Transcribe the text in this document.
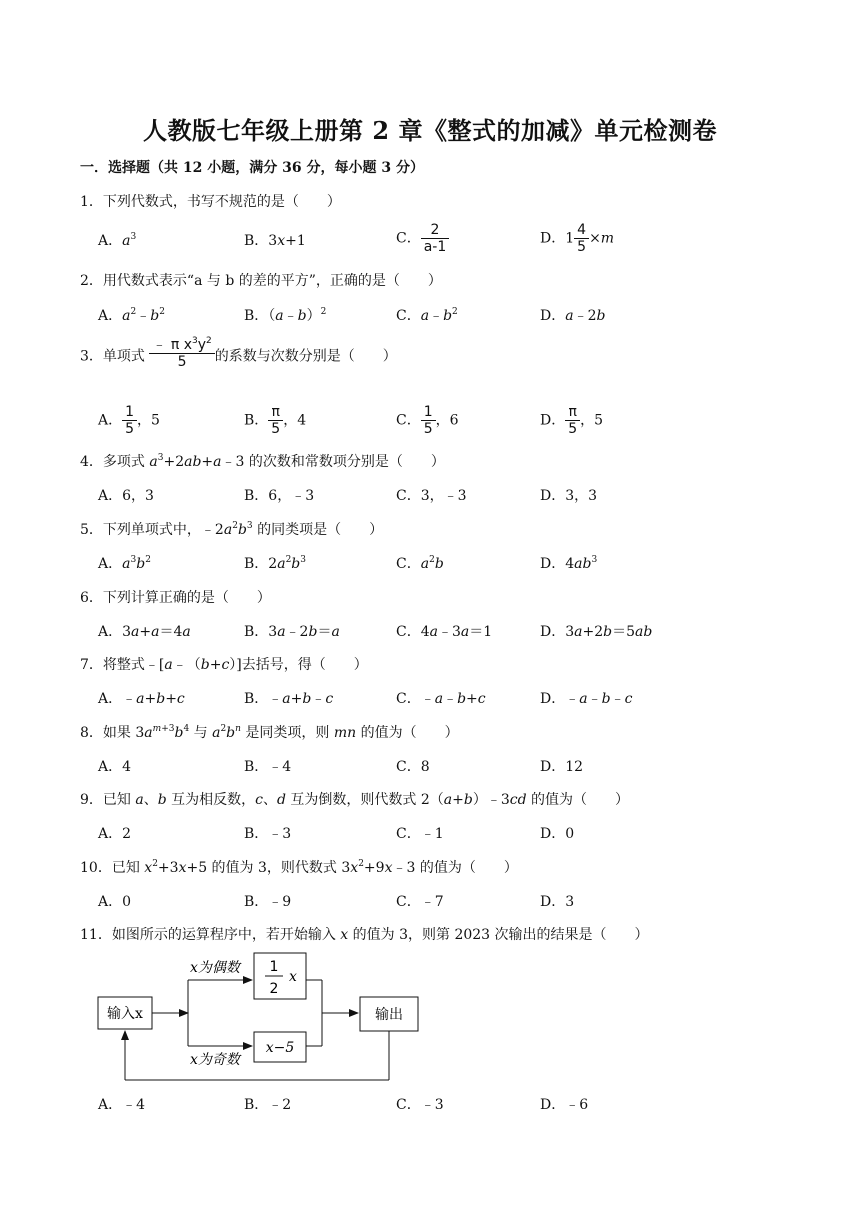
人教版七年级上册第 2 章《整式的加减》单元检测卷
一．选择题（共 12 小题，满分 36 分，每小题 3 分）
1．下列代数式，书写不规范的是（　　）
A．$a^3$	B．3x+1	C． $\frac{2}{a-1}$	D．$1 \frac{4}{5} \times m$
2．用代数式表示“a 与 b 的差的平方”，正确的是（　　）
A．$a^2﹣b^2$	B．（a﹣b）$^2$	C．$a﹣b^2$	D．a﹣2b
3．单项式 $\frac{﹣ \pi x^3y^2}{5}$ 的系数与次数分别是（　　）
A． $\frac{1}{5}$ ，5	B． $\frac{\pi}{5}$ ，4	C． $\frac{1}{5}$ ，6	D． $\frac{\pi}{5}$ ，5
4．多项式 $a^3+2ab+a﹣3$ 的次数和常数项分别是（　　）
A．6，3	B．6，﹣3	C．3，﹣3	D．3，3
5．下列单项式中，$﹣2a^2b^3$ 的同类项是（　　）
A．$a^3b^2$	B．$2a^2b^3$	C．$a^2b$	D．$4ab^3$
6．下列计算正确的是（　　）
A．3a+a＝4a	B．3a﹣2b＝a	C．4a﹣3a＝1	D．3a+2b＝5ab
7．将整式﹣[a﹣（b+c）]去括号，得（　　）
A．﹣a+b+c	B．﹣a+b﹣c	C．﹣a﹣b+c	D．﹣a﹣b﹣c
8．如果 $3a^{m+3}b^4$ 与 $a^2b^n$ 是同类项，则 mn 的值为（　　）
A．4	B．﹣4	C．8	D．12
9．已知 a、b 互为相反数，c、d 互为倒数，则代数式 2（a+b）﹣3cd 的值为（　　）
A．2	B．﹣3	C．﹣1	D．0
10．已知 $x^2+3x+5$ 的值为 3，则代数式 $3x^2+9x﹣3$ 的值为（　　）
A．0	B．﹣9	C．﹣7	D．3
11．如图所示的运算程序中，若开始输入 x 的值为 3，则第 2023 次输出的结果是（　　）
输入x
x为偶数 1
2
x
x为奇数
x−5
输出
A．﹣4	B．﹣2	C．﹣3	D．﹣6
